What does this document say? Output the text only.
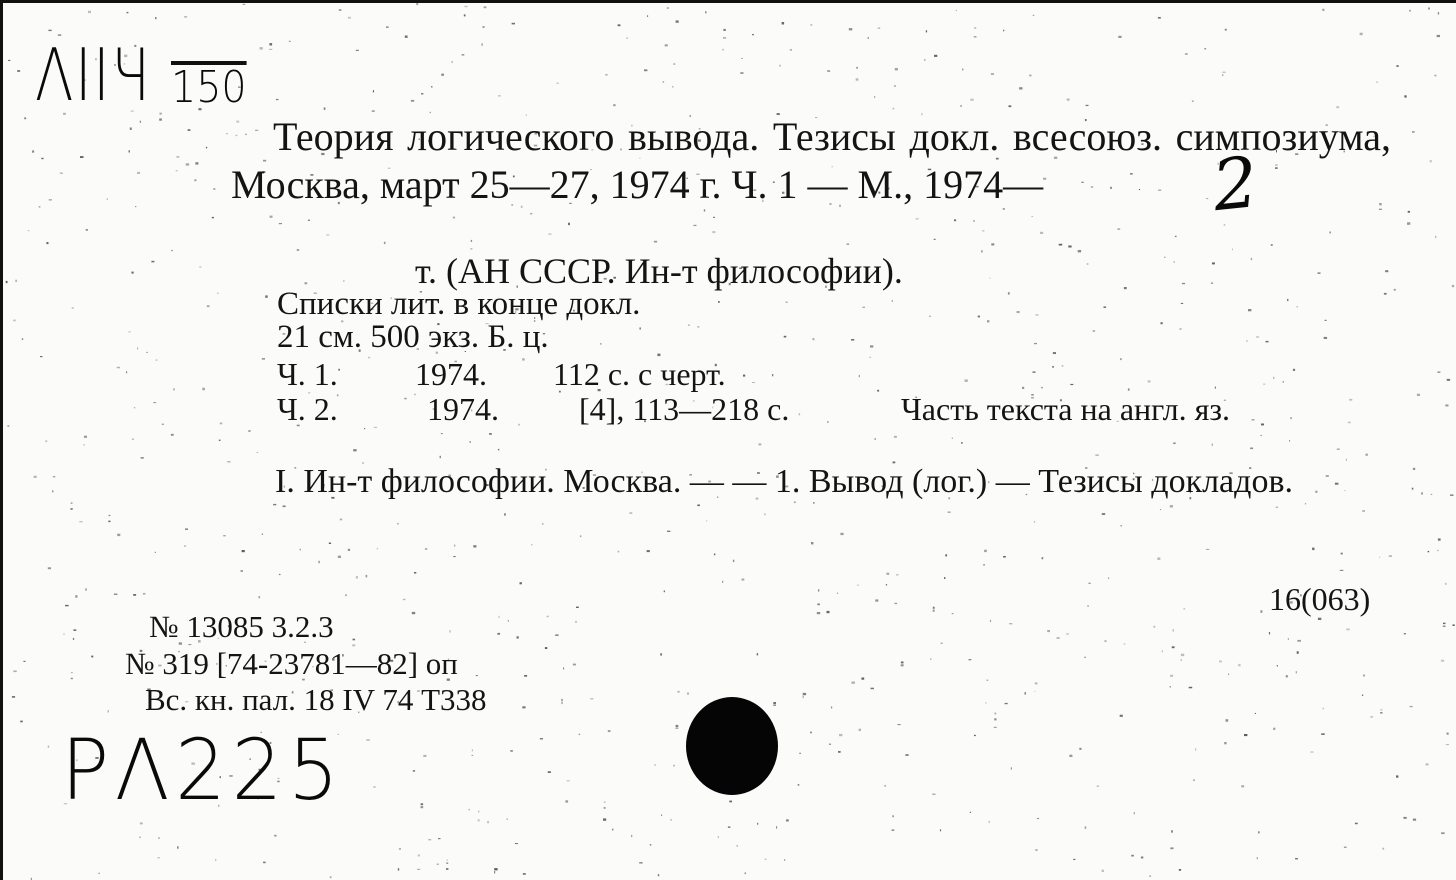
ΛIIЧ 150
Теория логического вывода. Тезисы докл. всесоюз. симпозиума, Москва, март 25—27, 1974 г. Ч. 1 — М., 1974—	2
т. (АН СССР. Ин-т философии).
Списки лит. в конце докл.
21 см. 500 экз. Б. ц.
Ч. 1. 1974. 112 с. с черт.
Ч. 2.	1974.	[4], 113—218 с.	Часть текста на англ. яз.
I. Ин-т философии. Москва. — — 1. Вывод (лог.) — Тезисы докладов.
16(063)
№ 13085 3.2.3
№ 319 [74-23781—82] оп
Вс. кн. пал. 18 IV 74 Т338
PΛ225
